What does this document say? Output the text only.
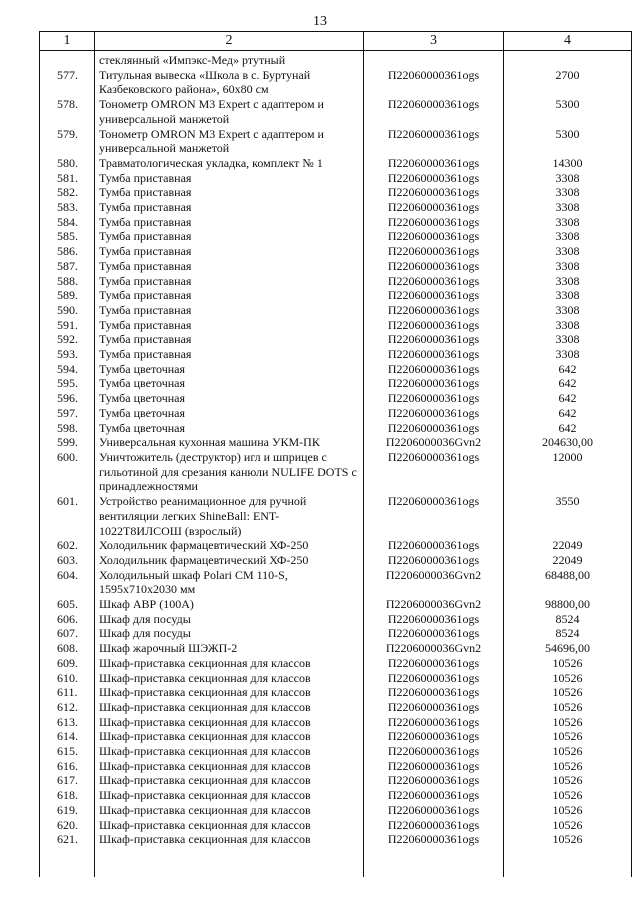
13
1	2	3	4
	стеклянный «Импэкс-Мед» ртутный		
577.	Титульная вывеска «Школа в с. Буртунай Казбековского района», 60х80 см	П22060000361ogs	2700
578.	Тонометр OMRON M3 Expert с адаптером и универсальной манжетой	П22060000361ogs	5300
579.	Тонометр OMRON M3 Expert с адаптером и универсальной манжетой	П22060000361ogs	5300
580.	Травматологическая укладка, комплект № 1	П22060000361ogs	14300
581.	Тумба приставная	П22060000361ogs	3308
582.	Тумба приставная	П22060000361ogs	3308
583.	Тумба приставная	П22060000361ogs	3308
584.	Тумба приставная	П22060000361ogs	3308
585.	Тумба приставная	П22060000361ogs	3308
586.	Тумба приставная	П22060000361ogs	3308
587.	Тумба приставная	П22060000361ogs	3308
588.	Тумба приставная	П22060000361ogs	3308
589.	Тумба приставная	П22060000361ogs	3308
590.	Тумба приставная	П22060000361ogs	3308
591.	Тумба приставная	П22060000361ogs	3308
592.	Тумба приставная	П22060000361ogs	3308
593.	Тумба приставная	П22060000361ogs	3308
594.	Тумба цветочная	П22060000361ogs	642
595.	Тумба цветочная	П22060000361ogs	642
596.	Тумба цветочная	П22060000361ogs	642
597.	Тумба цветочная	П22060000361ogs	642
598.	Тумба цветочная	П22060000361ogs	642
599.	Универсальная кухонная машина УКМ-ПК	П2206000036Gvn2	204630,00
600.	Уничтожитель (деструктор) игл и шприцев с гильотиной для срезания канюли NULIFE DOTS с принадлежностями	П22060000361ogs	12000
601.	Устройство реанимационное для ручной вентиляции легких ShineBall: ENT-1022T8ИЛСОШ (взрослый)	П22060000361ogs	3550
602.	Холодильник фармацевтический ХФ-250	П22060000361ogs	22049
603.	Холодильник фармацевтический ХФ-250	П22060000361ogs	22049
604.	Холодильный шкаф Polari CM 110-S, 1595х710х2030 мм	П2206000036Gvn2	68488,00
605.	Шкаф АВР (100А)	П2206000036Gvn2	98800,00
606.	Шкаф для посуды	П22060000361ogs	8524
607.	Шкаф для посуды	П22060000361ogs	8524
608.	Шкаф жарочный ШЭЖП-2	П2206000036Gvn2	54696,00
609.	Шкаф-приставка секционная для классов	П22060000361ogs	10526
610.	Шкаф-приставка секционная для классов	П22060000361ogs	10526
611.	Шкаф-приставка секционная для классов	П22060000361ogs	10526
612.	Шкаф-приставка секционная для классов	П22060000361ogs	10526
613.	Шкаф-приставка секционная для классов	П22060000361ogs	10526
614.	Шкаф-приставка секционная для классов	П22060000361ogs	10526
615.	Шкаф-приставка секционная для классов	П22060000361ogs	10526
616.	Шкаф-приставка секционная для классов	П22060000361ogs	10526
617.	Шкаф-приставка секционная для классов	П22060000361ogs	10526
618.	Шкаф-приставка секционная для классов	П22060000361ogs	10526
619.	Шкаф-приставка секционная для классов	П22060000361ogs	10526
620.	Шкаф-приставка секционная для классов	П22060000361ogs	10526
621.	Шкаф-приставка секционная для классов	П22060000361ogs	10526
